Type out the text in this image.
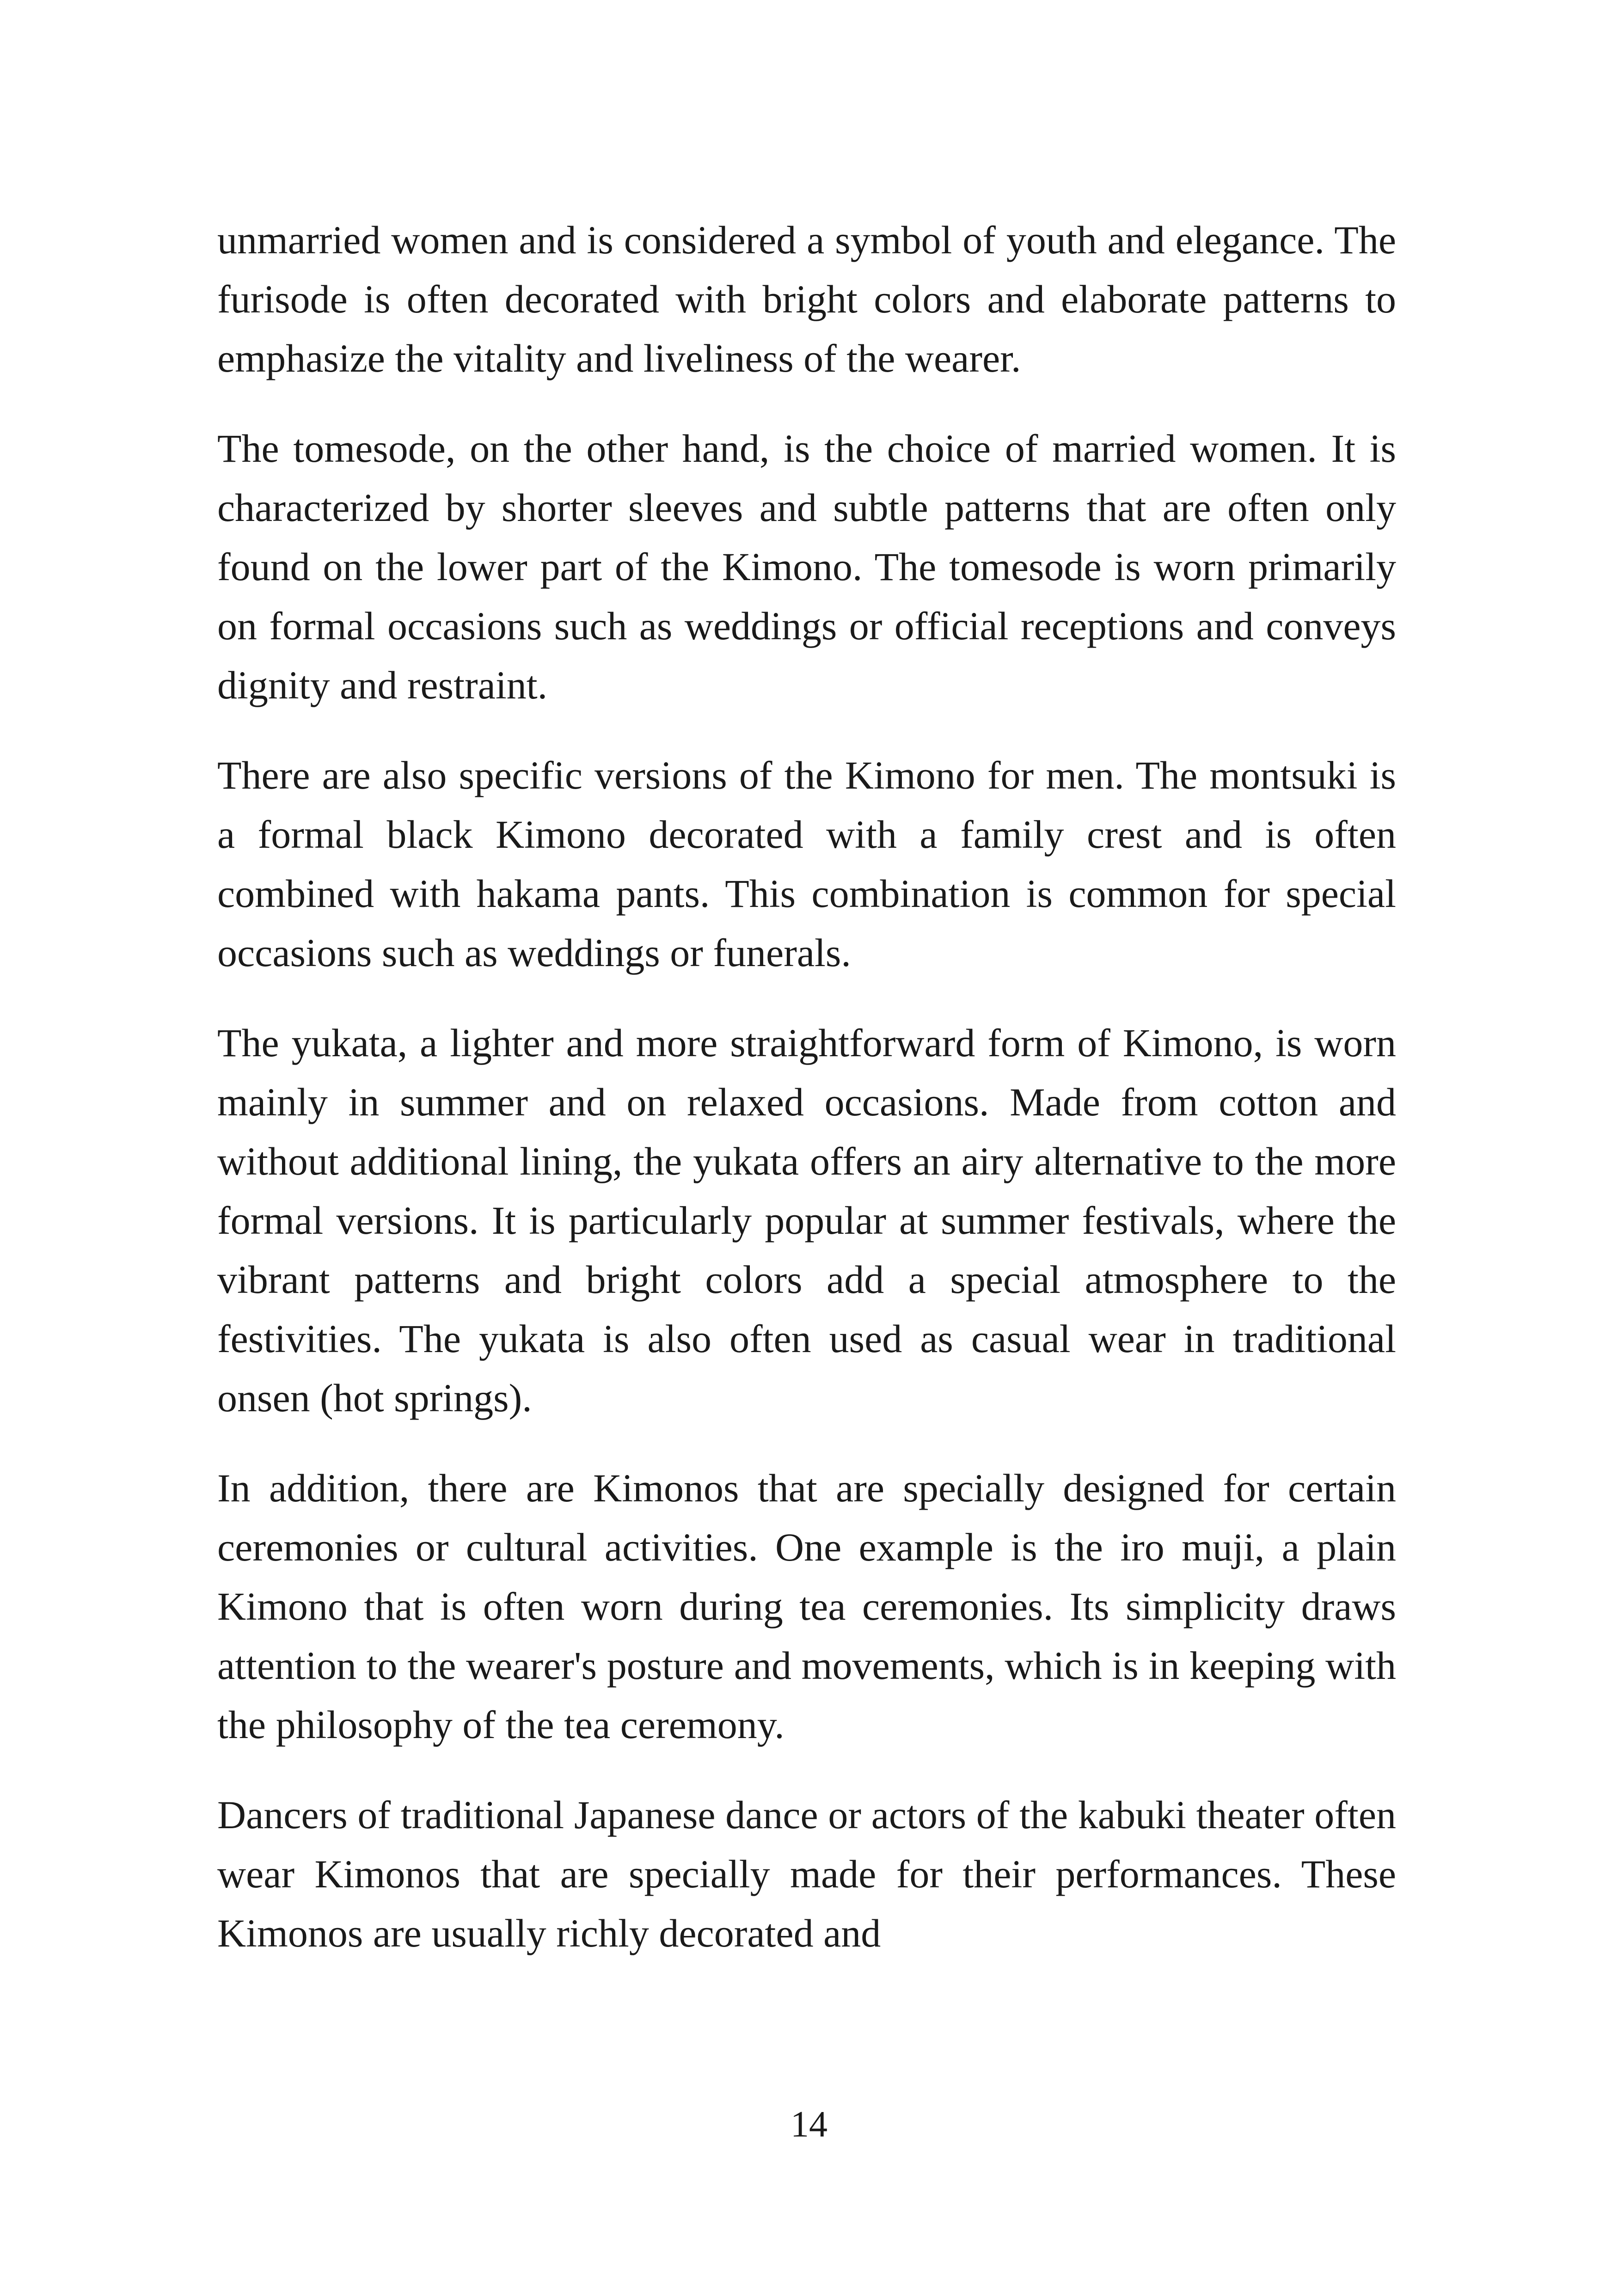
unmarried women and is considered a symbol of youth and elegance. The furisode is often decorated with bright colors and elaborate patterns to emphasize the vitality and liveliness of the wearer.

The tomesode, on the other hand, is the choice of married women. It is characterized by shorter sleeves and subtle patterns that are often only found on the lower part of the Kimono. The tomesode is worn primarily on formal occasions such as weddings or official receptions and conveys dignity and restraint.

There are also specific versions of the Kimono for men. The montsuki is a formal black Kimono decorated with a family crest and is often combined with hakama pants. This combination is common for special occasions such as weddings or funerals.

The yukata, a lighter and more straightforward form of Kimono, is worn mainly in summer and on relaxed occasions. Made from cotton and without additional lining, the yukata offers an airy alternative to the more formal versions. It is particularly popular at summer festivals, where the vibrant patterns and bright colors add a special atmosphere to the festivities. The yukata is also often used as casual wear in traditional onsen (hot springs).

In addition, there are Kimonos that are specially designed for certain ceremonies or cultural activities. One example is the iro muji, a plain Kimono that is often worn during tea ceremonies. Its simplicity draws attention to the wearer's posture and movements, which is in keeping with the philosophy of the tea ceremony.

Dancers of traditional Japanese dance or actors of the kabuki theater often wear Kimonos that are specially made for their performances. These Kimonos are usually richly decorated and

14
